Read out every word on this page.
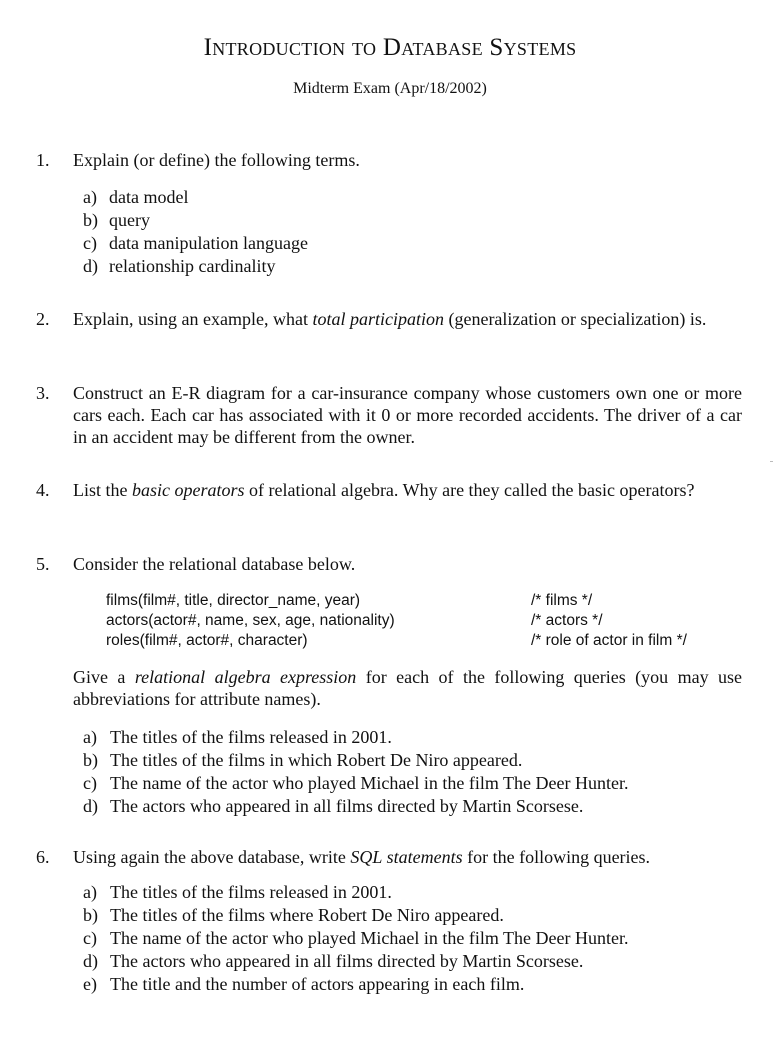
Introduction to Database Systems
Midterm Exam (Apr/18/2002)
1. Explain (or define) the following terms.
a) data model
b) query
c) data manipulation language
d) relationship cardinality
2. Explain, using an example, what total participation (generalization or specialization) is.
3. Construct an E-R diagram for a car-insurance company whose customers own one or more cars each. Each car has associated with it 0 or more recorded accidents. The driver of a car in an accident may be different from the owner.
4. List the basic operators of relational algebra. Why are they called the basic operators?
5. Consider the relational database below.
films(film#, title, director_name, year)
actors(actor#, name, sex, age, nationality)
roles(film#, actor#, character)
/* films */
/* actors */
/* role of actor in film */
Give a relational algebra expression for each of the following queries (you may use abbreviations for attribute names).
a) The titles of the films released in 2001.
b) The titles of the films in which Robert De Niro appeared.
c) The name of the actor who played Michael in the film The Deer Hunter.
d) The actors who appeared in all films directed by Martin Scorsese.
6. Using again the above database, write SQL statements for the following queries.
a) The titles of the films released in 2001.
b) The titles of the films where Robert De Niro appeared.
c) The name of the actor who played Michael in the film The Deer Hunter.
d) The actors who appeared in all films directed by Martin Scorsese.
e) The title and the number of actors appearing in each film.
